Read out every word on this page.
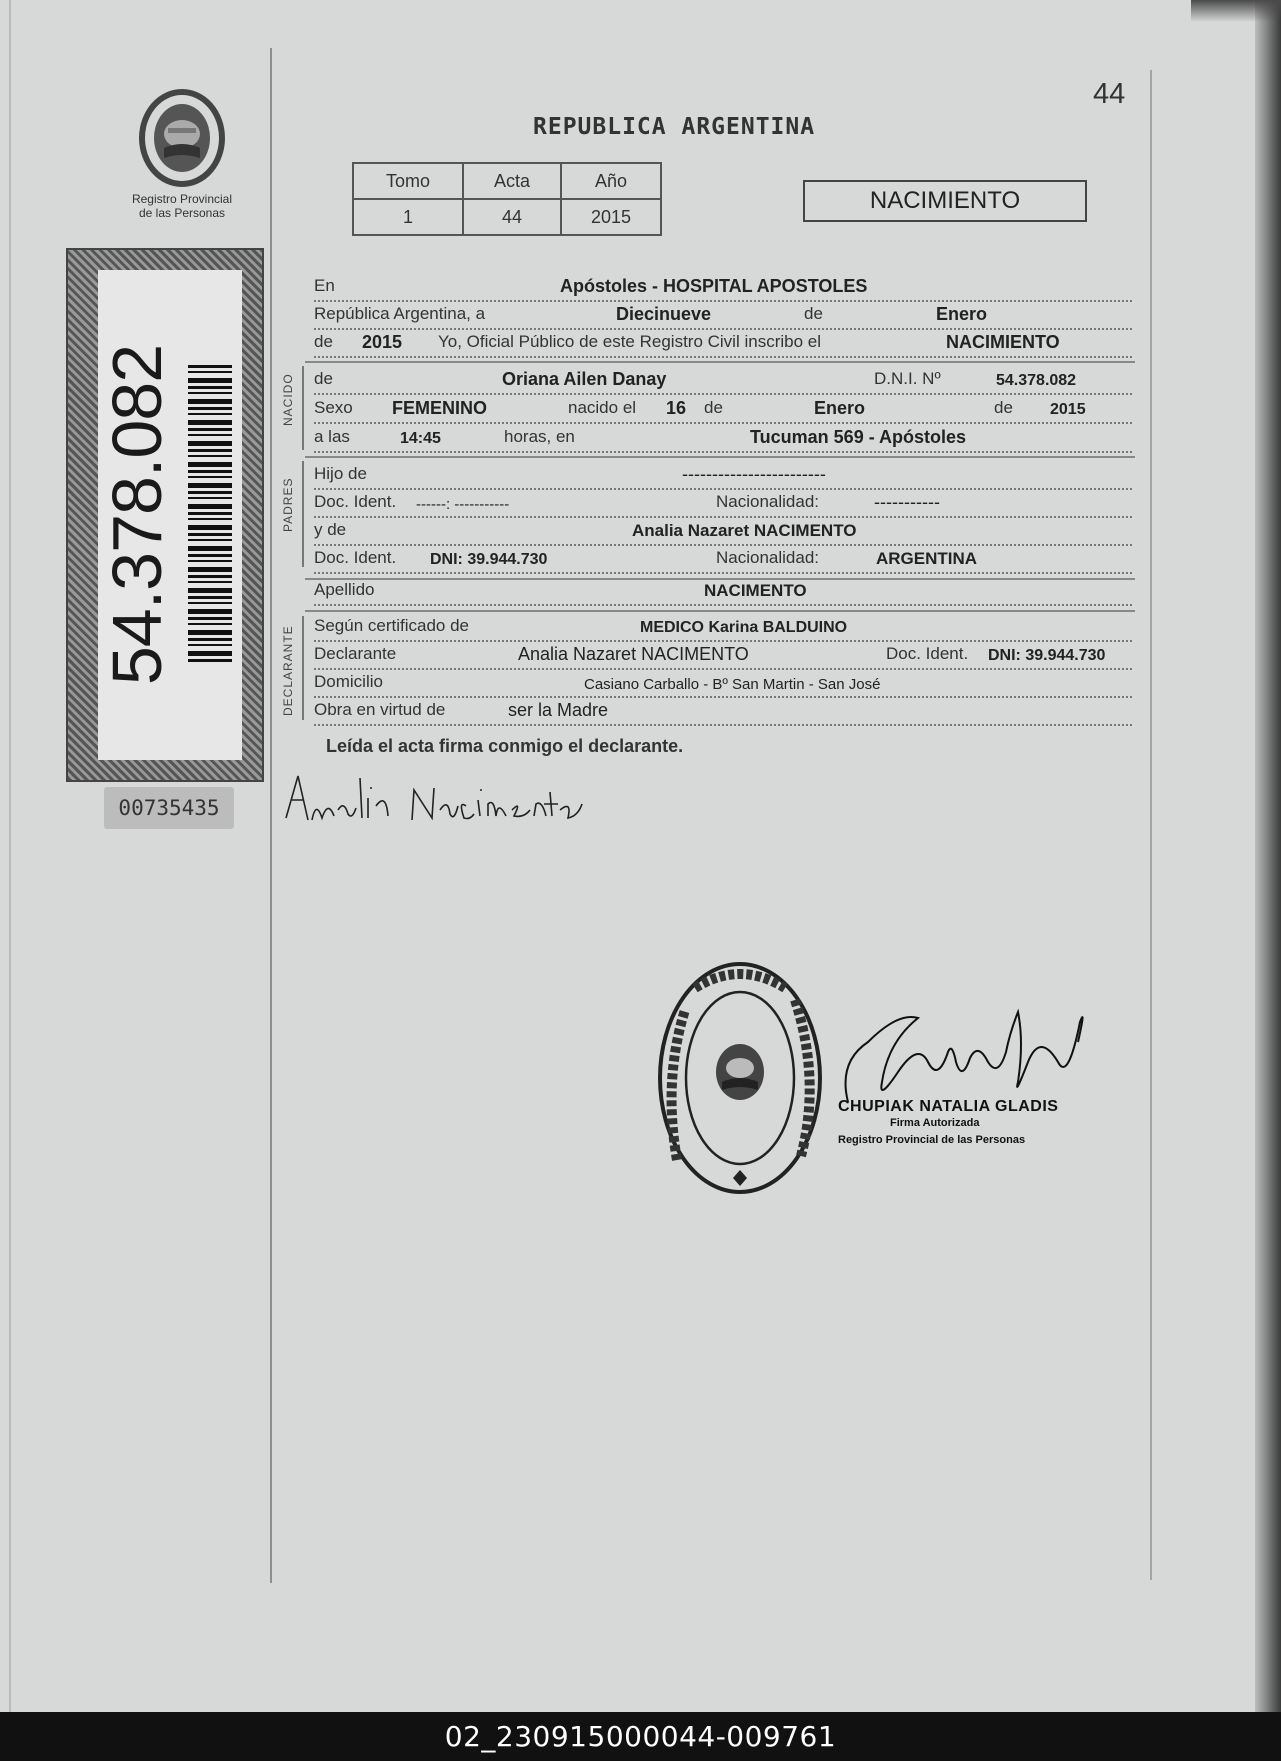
Registro Provincial
de las Personas
54.378.082
00735435
44
REPUBLICA ARGENTINA
Tomo	Acta	Año
1	44	2015
NACIMIENTO
En	Apóstoles - HOSPITAL APOSTOLES
República Argentina, a	Diecinueve	de	Enero
de 2015 Yo, Oficial Público de este Registro Civil inscribo el	NACIMIENTO
NACIDO de	Oriana Ailen Danay	D.N.I. Nº	54.378.082
Sexo FEMENINO	nacido el 16 de	Enero	de 2015
a las	14:45	horas, en	Tucuman 569 - Apóstoles
PADRES
Hijo de	------------------------
Doc. Ident. ------: -----------	Nacionalidad:	-----------
y de	Analia Nazaret NACIMENTO
Doc. Ident. DNI: 39.944.730	Nacionalidad:	ARGENTINA
Apellido	NACIMENTO
DECLARANTE Según certificado de	MEDICO Karina BALDUINO
Declarante	Analia Nazaret NACIMENTO	Doc. Ident. DNI: 39.944.730
Domicilio	Casiano Carballo - Bº San Martin - San José
Obra en virtud de	ser la Madre
Leída el acta firma conmigo el declarante.
CHUPIAK NATALIA GLADIS
Firma Autorizada
Registro Provincial de las Personas
02_230915000044-009761
